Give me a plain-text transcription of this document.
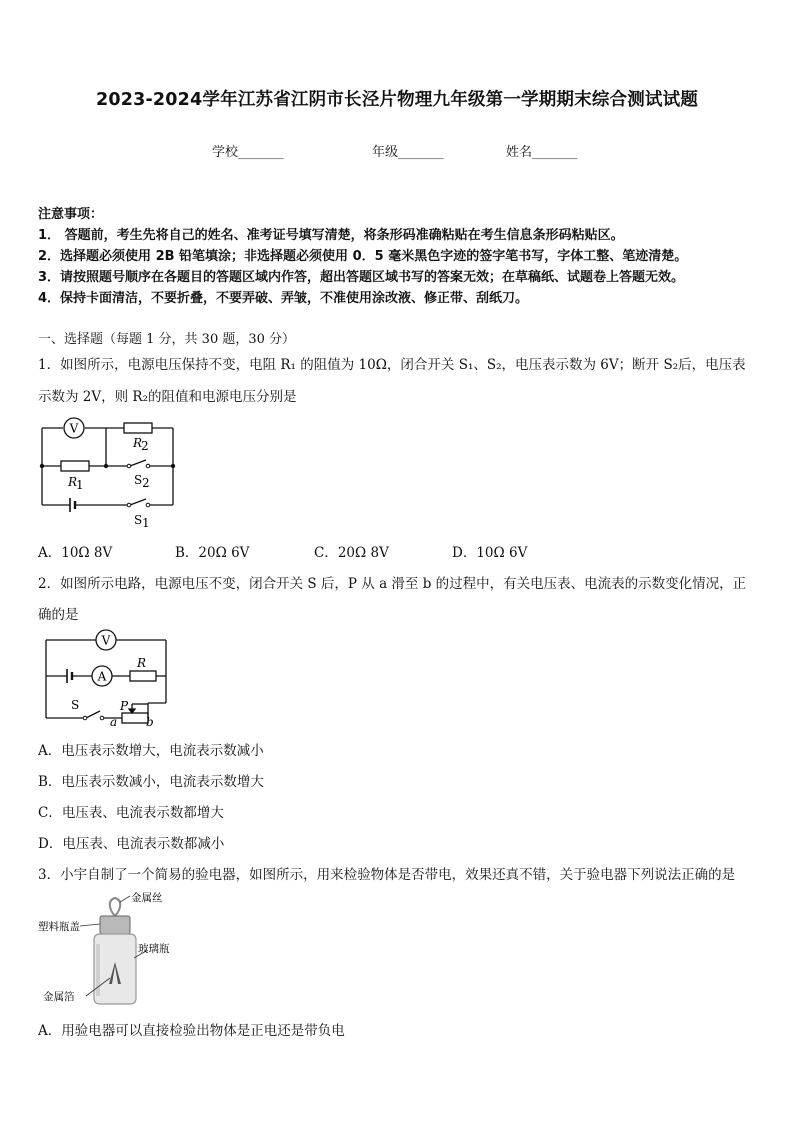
2023-2024学年江苏省江阴市长泾片物理九年级第一学期期末综合测试试题
学校_______	年级_______	姓名_______
注意事项：
1． 答题前，考生先将自己的姓名、准考证号填写清楚，将条形码准确粘贴在考生信息条形码粘贴区。
2．选择题必须使用 2B 铅笔填涂；非选择题必须使用 0．5 毫米黑色字迹的签字笔书写，字体工整、笔迹清楚。
3．请按照题号顺序在各题目的答题区域内作答，超出答题区域书写的答案无效；在草稿纸、试题卷上答题无效。
4．保持卡面清洁，不要折叠，不要弄破、弄皱，不准使用涂改液、修正带、刮纸刀。
一、选择题（每题 1 分，共 30 题，30 分）
1．如图所示，电源电压保持不变，电阻 R₁ 的阻值为 10Ω，闭合开关 S₁、S₂，电压表示数为 6V；断开 S₂后，电压表
示数为 2V，则 R₂的阻值和电源电压分别是
V
R
2
R
1	S 2
S 1
A．10Ω 8V	B．20Ω 6V	C．20Ω 8V	D．10Ω 6V
2．如图所示电路，电源电压不变，闭合开关 S 后，P 从 a 滑至 b 的过程中，有关电压表、电流表的示数变化情况，正
确的是
V
A
R
S	P
a b
A．电压表示数增大，电流表示数减小
B．电压表示数减小，电流表示数增大
C．电压表、电流表示数都增大
D．电压表、电流表示数都减小
3．小宇自制了一个简易的验电器，如图所示，用来检验物体是否带电，效果还真不错，关于验电器下列说法正确的是
金属丝
塑料瓶盖
玻璃瓶
金属箔
A．用验电器可以直接检验出物体是正电还是带负电
